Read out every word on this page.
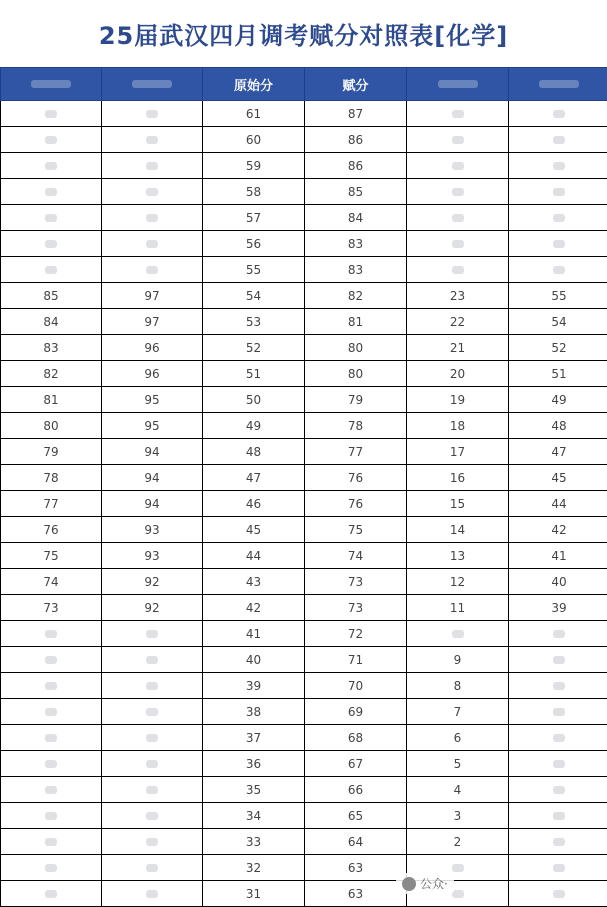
25届武汉四月调考赋分对照表[化学]
		原始分	赋分		
		61	87		
		60	86		
		59	86		
		58	85		
		57	84		
		56	83		
		55	83		
85	97	54	82	23	55
84	97	53	81	22	54
83	96	52	80	21	52
82	96	51	80	20	51
81	95	50	79	19	49
80	95	49	78	18	48
79	94	48	77	17	47
78	94	47	76	16	45
77	94	46	76	15	44
76	93	45	75	14	42
75	93	44	74	13	41
74	92	43	73	12	40
73	92	42	73	11	39
		41	72		
		40	71	9	
		39	70	8	
		38	69	7	
		37	68	6	
		36	67	5	
		35	66	4	
		34	65	3	
		33	64	2	
		32	63		
		31	63		
公众·
